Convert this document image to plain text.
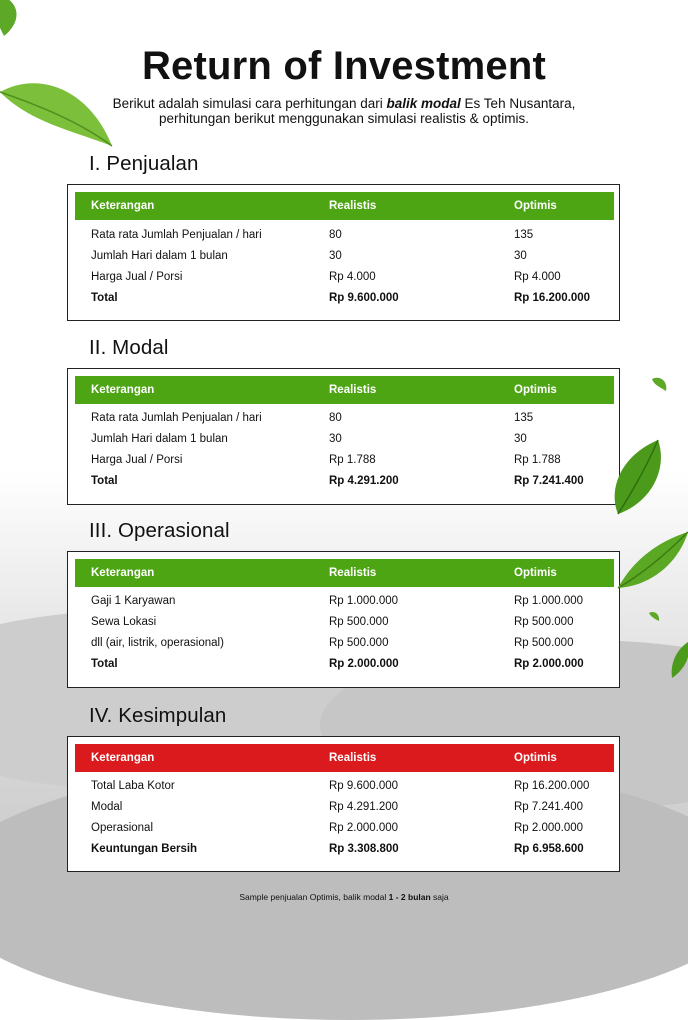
Return of Investment
Berikut adalah simulasi cara perhitungan dari balik modal Es Teh Nusantara,
perhitungan berikut menggunakan simulasi realistis & optimis.
I. Penjualan
Keterangan	Realistis	Optimis
Rata rata Jumlah Penjualan / hari	80	135
Jumlah Hari dalam 1 bulan	30	30
Harga Jual / Porsi	Rp 4.000	Rp 4.000
Total	Rp 9.600.000	Rp 16.200.000
II. Modal
Keterangan	Realistis	Optimis
Rata rata Jumlah Penjualan / hari	80	135
Jumlah Hari dalam 1 bulan	30	30
Harga Jual / Porsi	Rp 1.788	Rp 1.788
Total	Rp 4.291.200	Rp 7.241.400
III. Operasional
Keterangan	Realistis	Optimis
Gaji 1 Karyawan	Rp 1.000.000	Rp 1.000.000
Sewa Lokasi	Rp 500.000	Rp 500.000
dll (air, listrik, operasional)	Rp 500.000	Rp 500.000
Total	Rp 2.000.000	Rp 2.000.000
IV. Kesimpulan
Keterangan	Realistis	Optimis
Total Laba Kotor	Rp 9.600.000	Rp 16.200.000
Modal	Rp 4.291.200	Rp 7.241.400
Operasional	Rp 2.000.000	Rp 2.000.000
Keuntungan Bersih	Rp 3.308.800	Rp 6.958.600
Sample penjualan Optimis, balik modal 1 - 2 bulan saja
